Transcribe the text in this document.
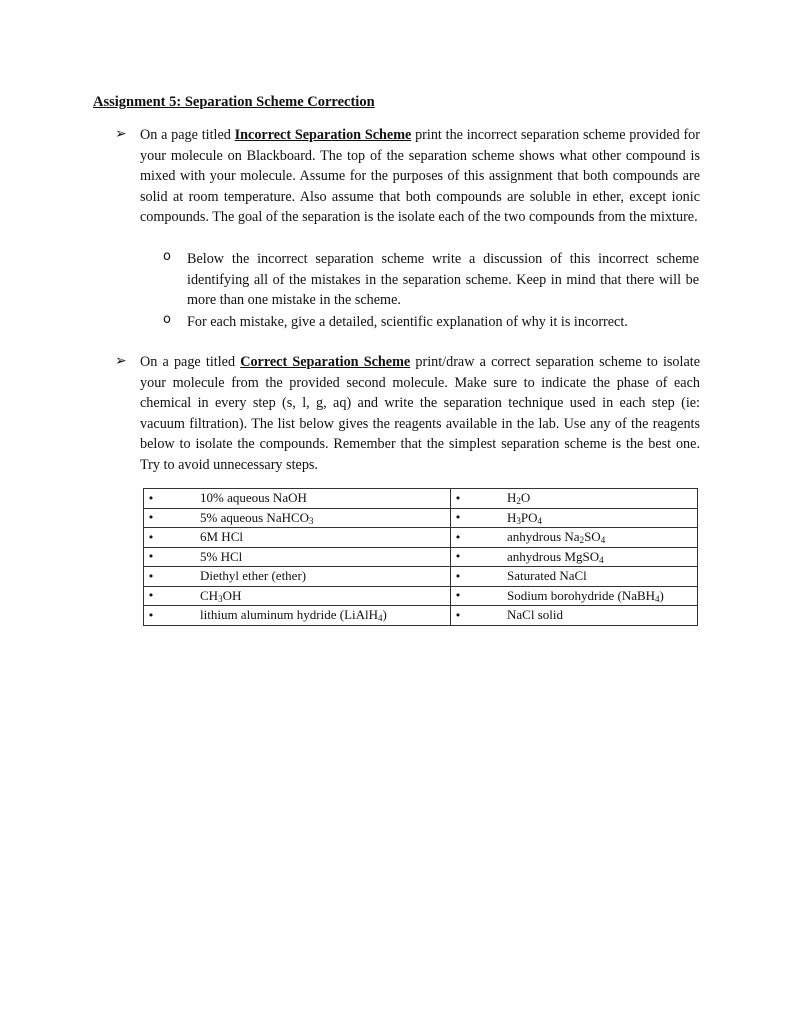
Assignment 5: Separation Scheme Correction
➢ On a page titled Incorrect Separation Scheme print the incorrect separation scheme provided for your molecule on Blackboard. The top of the separation scheme shows what other compound is mixed with your molecule. Assume for the purposes of this assignment that both compounds are solid at room temperature. Also assume that both compounds are soluble in ether, except ionic compounds. The goal of the separation is the isolate each of the two compounds from the mixture.
o Below the incorrect separation scheme write a discussion of this incorrect scheme identifying all of the mistakes in the separation scheme. Keep in mind that there will be more than one mistake in the scheme.
o For each mistake, give a detailed, scientific explanation of why it is incorrect.
➢ On a page titled Correct Separation Scheme print/draw a correct separation scheme to isolate your molecule from the provided second molecule. Make sure to indicate the phase of each chemical in every step (s, l, g, aq) and write the separation technique used in each step (ie: vacuum filtration). The list below gives the reagents available in the lab. Use any of the reagents below to isolate the compounds. Remember that the simplest separation scheme is the best one. Try to avoid unnecessary steps.
•	10% aqueous NaOH	•	H2O
•	5% aqueous NaHCO3	•	H3PO4
•	6M HCl	•	anhydrous Na2SO4
•	5% HCl	•	anhydrous MgSO4
•	Diethyl ether (ether)	•	Saturated NaCl
•	CH3OH	•	Sodium borohydride (NaBH4)
•	lithium aluminum hydride (LiAlH4)	•	NaCl solid
